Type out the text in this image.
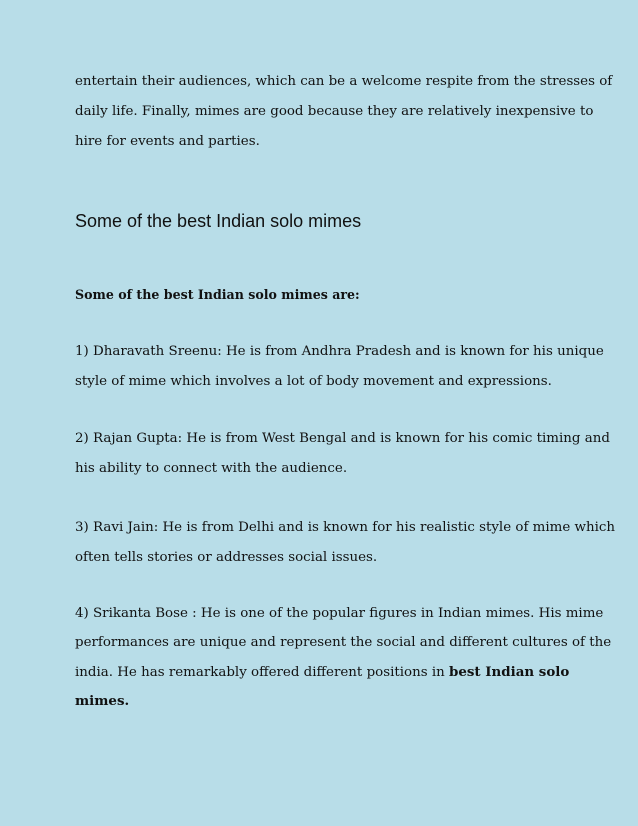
entertain their audiences, which can be a welcome respite from the stresses of
daily life. Finally, mimes are good because they are relatively inexpensive to
hire for events and parties.

Some of the best Indian solo mimes

Some of the best Indian solo mimes are:

1) Dharavath Sreenu: He is from Andhra Pradesh and is known for his unique
style of mime which involves a lot of body movement and expressions.

2) Rajan Gupta: He is from West Bengal and is known for his comic timing and
his ability to connect with the audience.

3) Ravi Jain: He is from Delhi and is known for his realistic style of mime which
often tells stories or addresses social issues.

4) Srikanta Bose : He is one of the popular figures in Indian mimes. His mime
performances are unique and represent the social and different cultures of the
india. He has remarkably offered different positions in best Indian solo
mimes.
